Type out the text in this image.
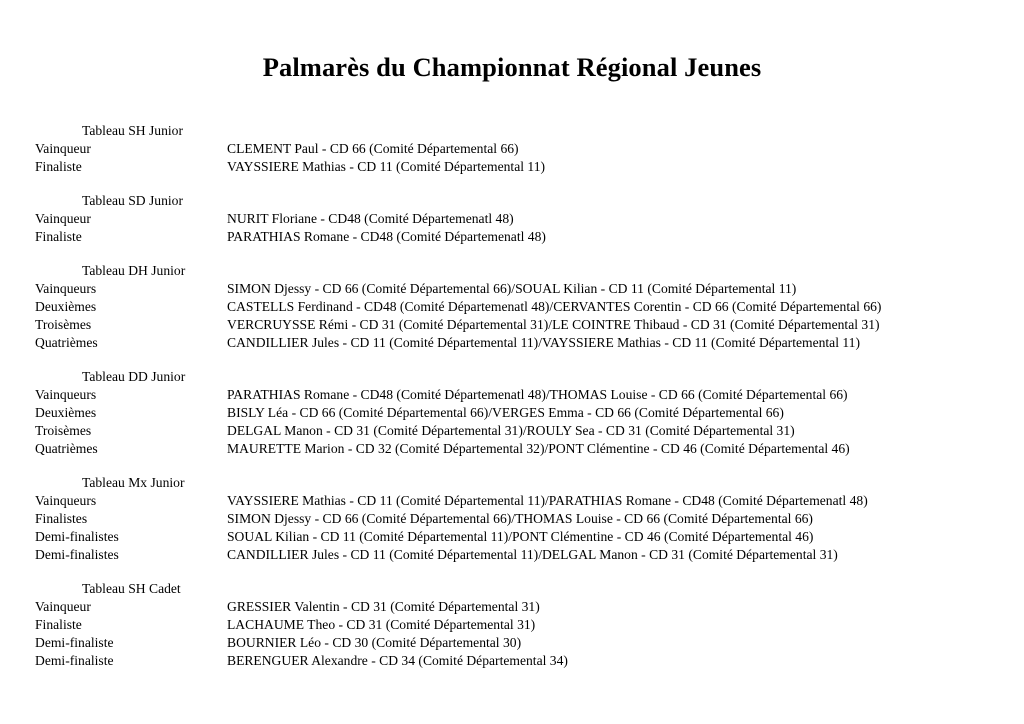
Palmarès du Championnat Régional Jeunes
Tableau SH Junior
Vainqueur	CLEMENT Paul - CD 66 (Comité Départemental 66)
Finaliste	VAYSSIERE Mathias - CD 11 (Comité Départemental 11)
Tableau SD Junior
Vainqueur	NURIT Floriane - CD48 (Comité Départemenatl 48)
Finaliste	PARATHIAS Romane - CD48 (Comité Départemenatl 48)
Tableau DH Junior
Vainqueurs	SIMON Djessy - CD 66 (Comité Départemental 66)/SOUAL Kilian - CD 11 (Comité Départemental 11)
Deuxièmes	CASTELLS Ferdinand - CD48 (Comité Départemenatl 48)/CERVANTES Corentin - CD 66 (Comité Départemental 66)
Troisèmes	VERCRUYSSE Rémi - CD 31 (Comité Départemental 31)/LE COINTRE Thibaud - CD 31 (Comité Départemental 31)
Quatrièmes	CANDILLIER Jules - CD 11 (Comité Départemental 11)/VAYSSIERE Mathias - CD 11 (Comité Départemental 11)
Tableau DD Junior
Vainqueurs	PARATHIAS Romane - CD48 (Comité Départemenatl 48)/THOMAS Louise - CD 66 (Comité Départemental 66)
Deuxièmes	BISLY Léa - CD 66 (Comité Départemental 66)/VERGES Emma - CD 66 (Comité Départemental 66)
Troisèmes	DELGAL Manon - CD 31 (Comité Départemental 31)/ROULY Sea - CD 31 (Comité Départemental 31)
Quatrièmes	MAURETTE Marion - CD 32 (Comité Départemental 32)/PONT Clémentine - CD 46 (Comité Départemental 46)
Tableau Mx Junior
Vainqueurs	VAYSSIERE Mathias - CD 11 (Comité Départemental 11)/PARATHIAS Romane - CD48 (Comité Départemenatl 48)
Finalistes	SIMON Djessy - CD 66 (Comité Départemental 66)/THOMAS Louise - CD 66 (Comité Départemental 66)
Demi-finalistes	SOUAL Kilian - CD 11 (Comité Départemental 11)/PONT Clémentine - CD 46 (Comité Départemental 46)
Demi-finalistes	CANDILLIER Jules - CD 11 (Comité Départemental 11)/DELGAL Manon - CD 31 (Comité Départemental 31)
Tableau SH Cadet
Vainqueur	GRESSIER Valentin - CD 31 (Comité Départemental 31)
Finaliste	LACHAUME Theo - CD 31 (Comité Départemental 31)
Demi-finaliste	BOURNIER Léo - CD 30 (Comité Départemental 30)
Demi-finaliste	BERENGUER Alexandre - CD 34 (Comité Départemental 34)
